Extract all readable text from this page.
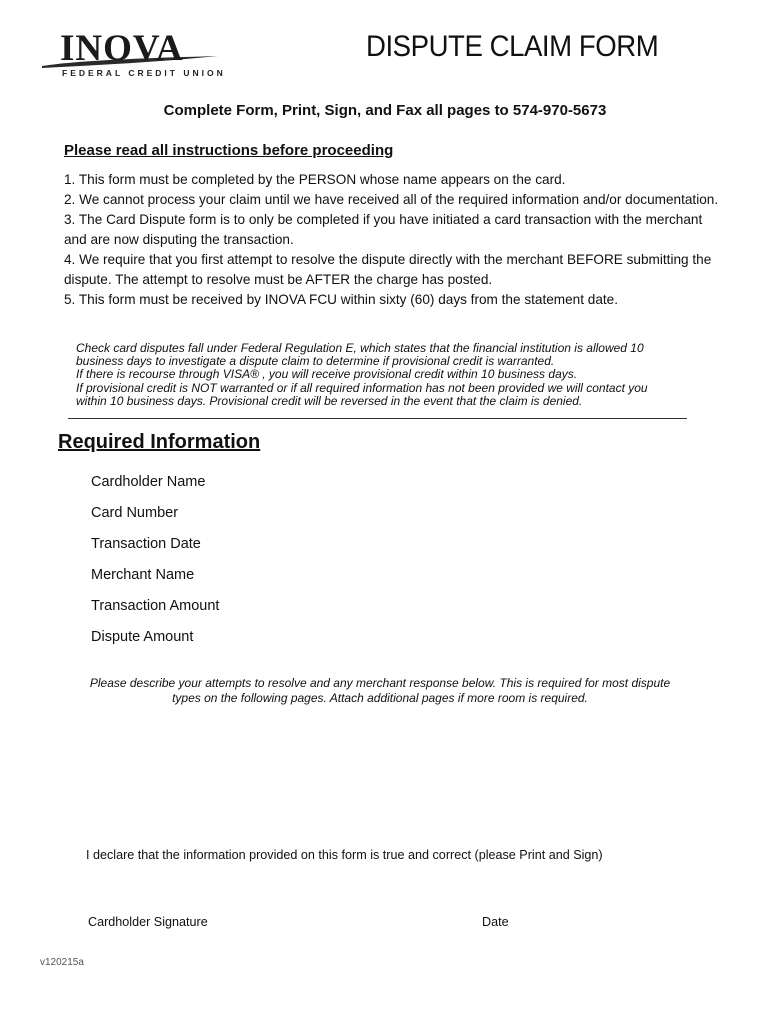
INOVA
FEDERAL CREDIT UNION
DISPUTE CLAIM FORM
Complete Form, Print, Sign, and Fax all pages to 574-970-5673
Please read all instructions before proceeding
1. This form must be completed by the PERSON whose name appears on the card.
2. We cannot process your claim until we have received all of the required information and/or documentation.
3. The Card Dispute form is to only be completed if you have initiated a card transaction with the merchant and are now disputing the transaction.
4. We require that you first attempt to resolve the dispute directly with the merchant BEFORE submitting the dispute. The attempt to resolve must be AFTER the charge has posted.
5. This form must be received by INOVA FCU within sixty (60) days from the statement date.
Check card disputes fall under Federal Regulation E, which states that the financial institution is allowed 10
business days to investigate a dispute claim to determine if provisional credit is warranted.
If there is recourse through VISA® , you will receive provisional credit within 10 business days.
If provisional credit is NOT warranted or if all required information has not been provided we will contact you
within 10 business days. Provisional credit will be reversed in the event that the claim is denied.
Required Information
Cardholder Name
Card Number
Transaction Date
Merchant Name
Transaction Amount
Dispute Amount
Please describe your attempts to resolve and any merchant response below. This is required for most dispute
types on the following pages. Attach additional pages if more room is required.
I declare that the information provided on this form is true and correct (please Print and Sign)
Cardholder Signature	Date
v120215a
